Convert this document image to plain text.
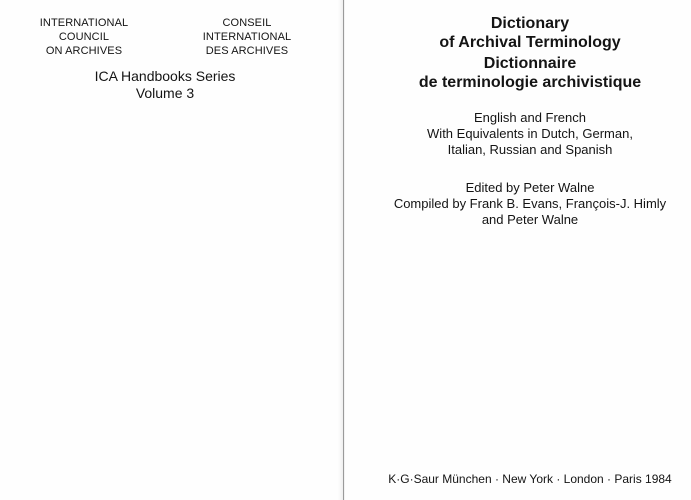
INTERNATIONAL COUNCIL
ON ARCHIVES
CONSEIL INTERNATIONAL
DES ARCHIVES
ICA Handbooks Series
Volume 3
Dictionary
of Archival Terminology
Dictionnaire
de terminologie archivistique
English and French
With Equivalents in Dutch, German,
Italian, Russian and Spanish
Edited by Peter Walne
Compiled by Frank B. Evans, François-J. Himly
and Peter Walne
K·G·Saur München · New York · London · Paris 1984
